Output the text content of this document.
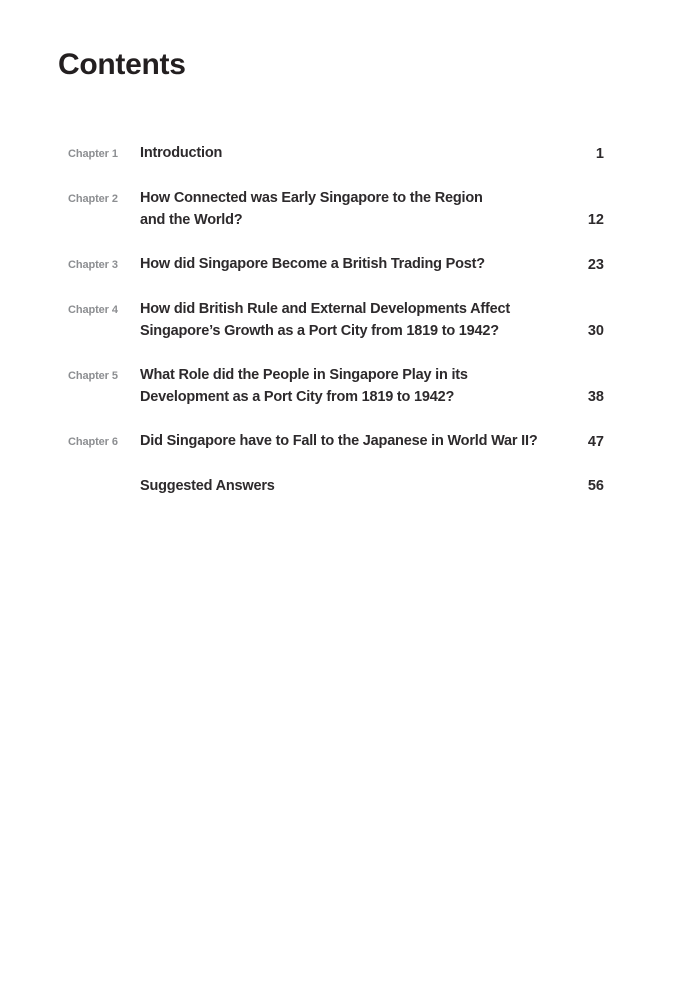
Contents
Chapter 1	Introduction	1
Chapter 2	How Connected was Early Singapore to the Region
and the World?	12
Chapter 3	How did Singapore Become a British Trading Post?	23
Chapter 4	How did British Rule and External Developments Affect
Singapore’s Growth as a Port City from 1819 to 1942?	30
Chapter 5	What Role did the People in Singapore Play in its
Development as a Port City from 1819 to 1942?	38
Chapter 6	Did Singapore have to Fall to the Japanese in World War II?	47
Suggested Answers	56
